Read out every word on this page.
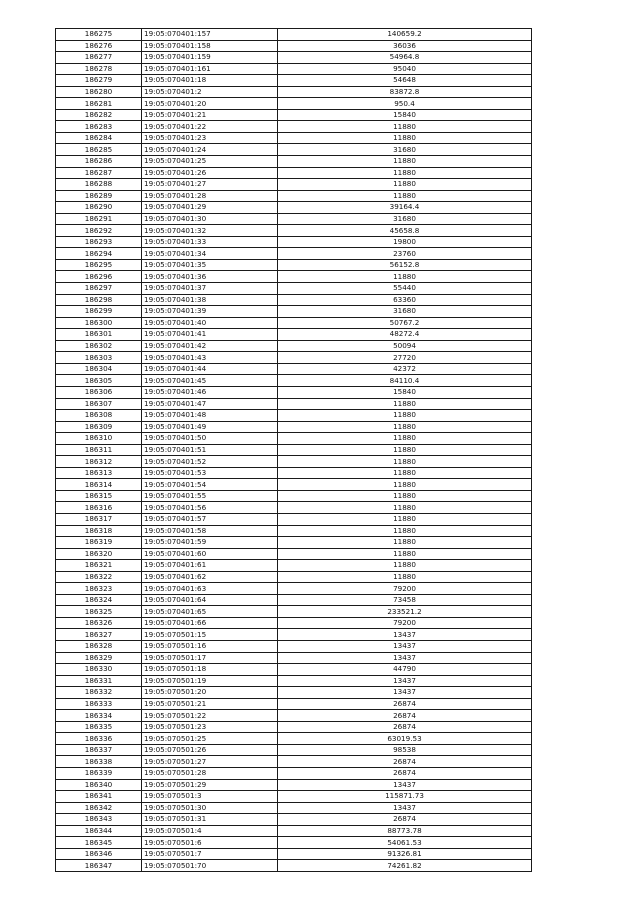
186275	19:05:070401:157	140659.2
186276	19:05:070401:158	36036
186277	19:05:070401:159	54964.8
186278	19:05:070401:161	95040
186279	19:05:070401:18	54648
186280	19:05:070401:2	83872.8
186281	19:05:070401:20	950.4
186282	19:05:070401:21	15840
186283	19:05:070401:22	11880
186284	19:05:070401:23	11880
186285	19:05:070401:24	31680
186286	19:05:070401:25	11880
186287	19:05:070401:26	11880
186288	19:05:070401:27	11880
186289	19:05:070401:28	11880
186290	19:05:070401:29	39164.4
186291	19:05:070401:30	31680
186292	19:05:070401:32	45658.8
186293	19:05:070401:33	19800
186294	19:05:070401:34	23760
186295	19:05:070401:35	56152.8
186296	19:05:070401:36	11880
186297	19:05:070401:37	55440
186298	19:05:070401:38	63360
186299	19:05:070401:39	31680
186300	19:05:070401:40	50767.2
186301	19:05:070401:41	48272.4
186302	19:05:070401:42	50094
186303	19:05:070401:43	27720
186304	19:05:070401:44	42372
186305	19:05:070401:45	84110.4
186306	19:05:070401:46	15840
186307	19:05:070401:47	11880
186308	19:05:070401:48	11880
186309	19:05:070401:49	11880
186310	19:05:070401:50	11880
186311	19:05:070401:51	11880
186312	19:05:070401:52	11880
186313	19:05:070401:53	11880
186314	19:05:070401:54	11880
186315	19:05:070401:55	11880
186316	19:05:070401:56	11880
186317	19:05:070401:57	11880
186318	19:05:070401:58	11880
186319	19:05:070401:59	11880
186320	19:05:070401:60	11880
186321	19:05:070401:61	11880
186322	19:05:070401:62	11880
186323	19:05:070401:63	79200
186324	19:05:070401:64	73458
186325	19:05:070401:65	233521.2
186326	19:05:070401:66	79200
186327	19:05:070501:15	13437
186328	19:05:070501:16	13437
186329	19:05:070501:17	13437
186330	19:05:070501:18	44790
186331	19:05:070501:19	13437
186332	19:05:070501:20	13437
186333	19:05:070501:21	26874
186334	19:05:070501:22	26874
186335	19:05:070501:23	26874
186336	19:05:070501:25	63019.53
186337	19:05:070501:26	98538
186338	19:05:070501:27	26874
186339	19:05:070501:28	26874
186340	19:05:070501:29	13437
186341	19:05:070501:3	115871.73
186342	19:05:070501:30	13437
186343	19:05:070501:31	26874
186344	19:05:070501:4	88773.78
186345	19:05:070501:6	54061.53
186346	19:05:070501:7	91326.81
186347	19:05:070501:70	74261.82
